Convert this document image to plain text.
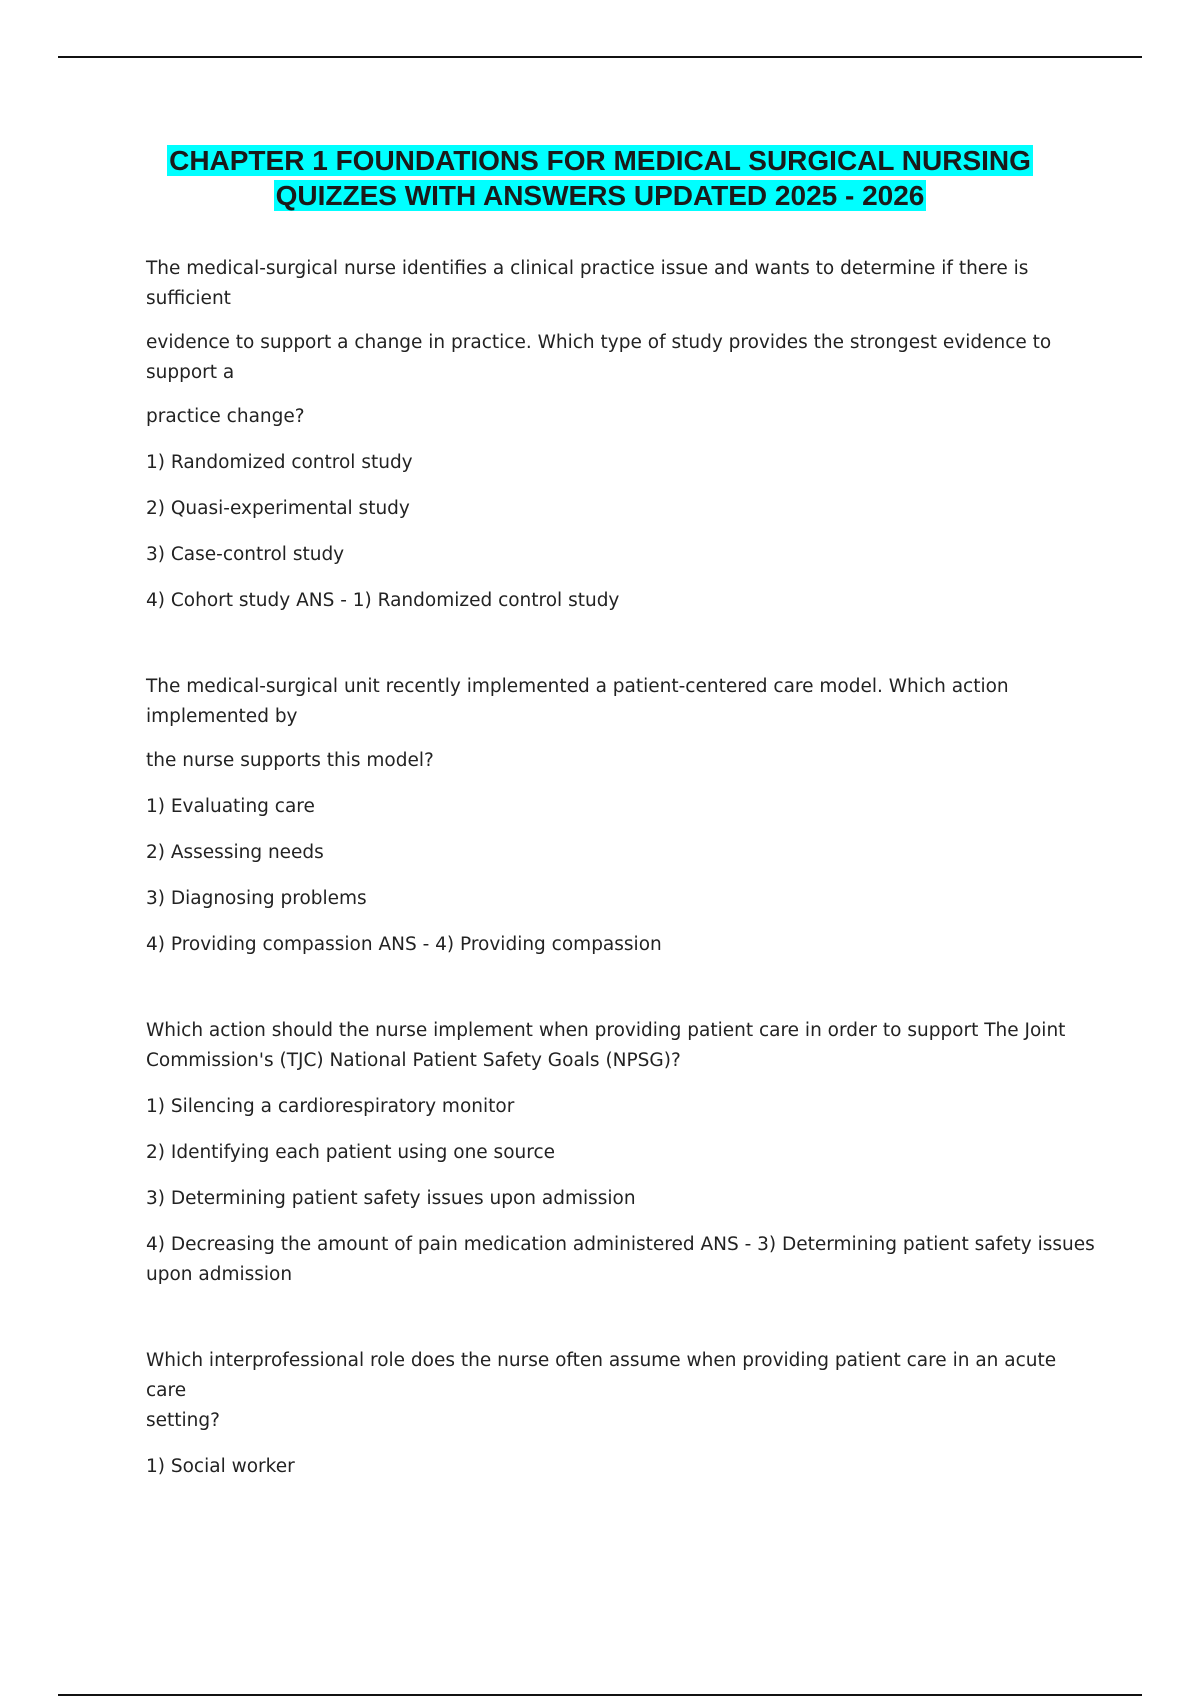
CHAPTER 1 FOUNDATIONS FOR MEDICAL SURGICAL NURSING
QUIZZES WITH ANSWERS UPDATED 2025 - 2026

The medical-surgical nurse identifies a clinical practice issue and wants to determine if there is sufficient

evidence to support a change in practice. Which type of study provides the strongest evidence to

support a

practice change?

1) Randomized control study

2) Quasi-experimental study

3) Case-control study

4) Cohort study ANS - 1) Randomized control study

The medical-surgical unit recently implemented a patient-centered care model. Which action

implemented by

the nurse supports this model?

1) Evaluating care

2) Assessing needs

3) Diagnosing problems

4) Providing compassion ANS - 4) Providing compassion

Which action should the nurse implement when providing patient care in order to support The Joint

Commission's (TJC) National Patient Safety Goals (NPSG)?

1) Silencing a cardiorespiratory monitor

2) Identifying each patient using one source

3) Determining patient safety issues upon admission

4) Decreasing the amount of pain medication administered ANS - 3) Determining patient safety issues

upon admission

Which interprofessional role does the nurse often assume when providing patient care in an acute care

setting?

1) Social worker
